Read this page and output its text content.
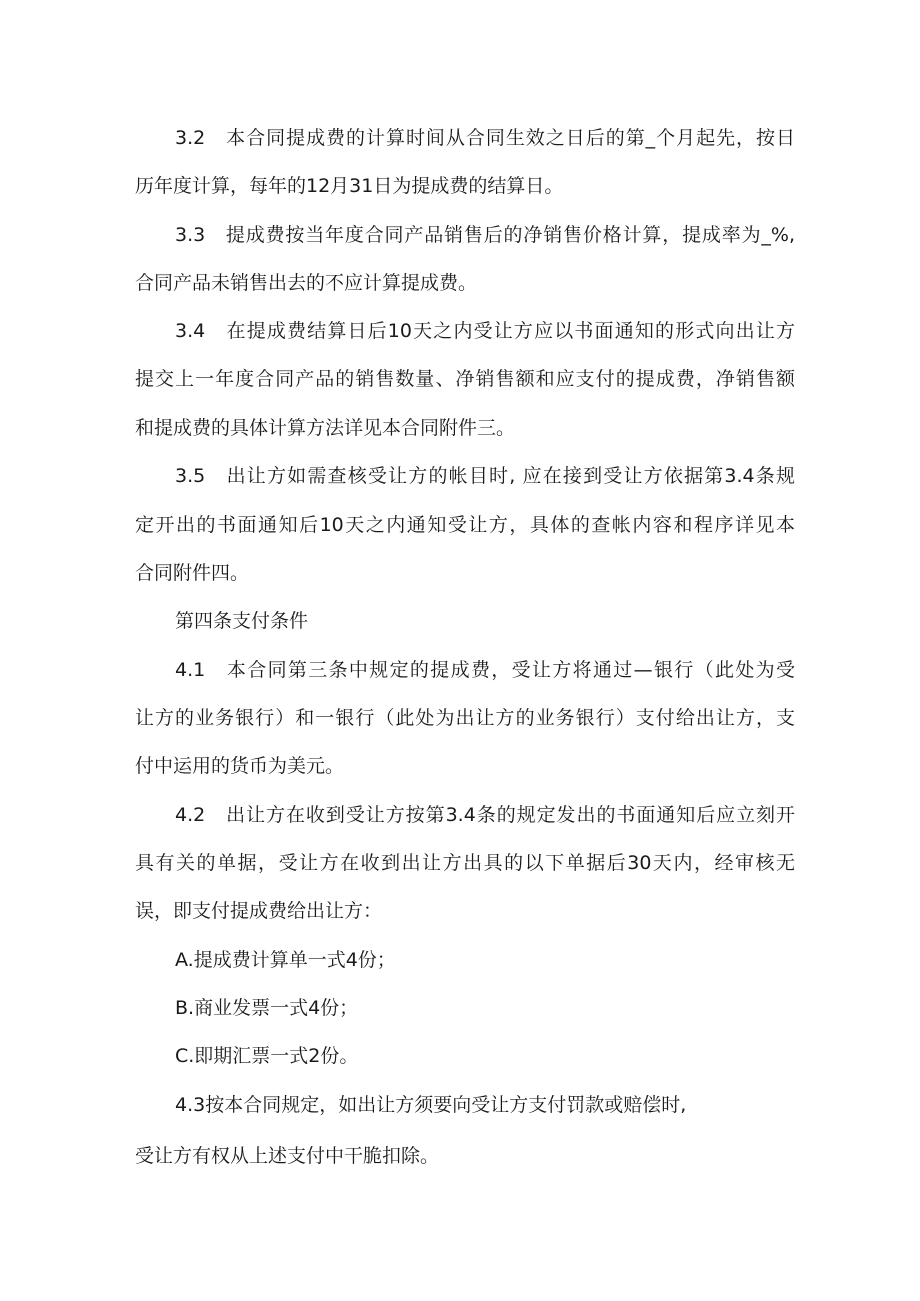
3.2　本合同提成费的计算时间从合同生效之日后的第_个月起先，按日
历年度计算，每年的12月31日为提成费的结算日。
3.3　提成费按当年度合同产品销售后的净销售价格计算，提成率为_%,
合同产品未销售出去的不应计算提成费。
3.4　在提成费结算日后10天之内受让方应以书面通知的形式向出让方
提交上一年度合同产品的销售数量、净销售额和应支付的提成费，净销售额
和提成费的具体计算方法详见本合同附件三。
3.5　出让方如需查核受让方的帐目时, 应在接到受让方依据第3.4条规
定开出的书面通知后10天之内通知受让方，具体的查帐内容和程序详见本
合同附件四。
第四条支付条件
4.1　本合同第三条中规定的提成费，受让方将通过—银行（此处为受
让方的业务银行）和一银行（此处为出让方的业务银行）支付给出让方，支
付中运用的货币为美元。
4.2　出让方在收到受让方按第3.4条的规定发出的书面通知后应立刻开
具有关的单据，受让方在收到出让方出具的以下单据后30天内，经审核无
误，即支付提成费给出让方：
A.提成费计算单一式4份；
B.商业发票一式4份；
C.即期汇票一式2份。
4.3按本合同规定，如出让方须要向受让方支付罚款或赔偿时,
受让方有权从上述支付中干脆扣除。
